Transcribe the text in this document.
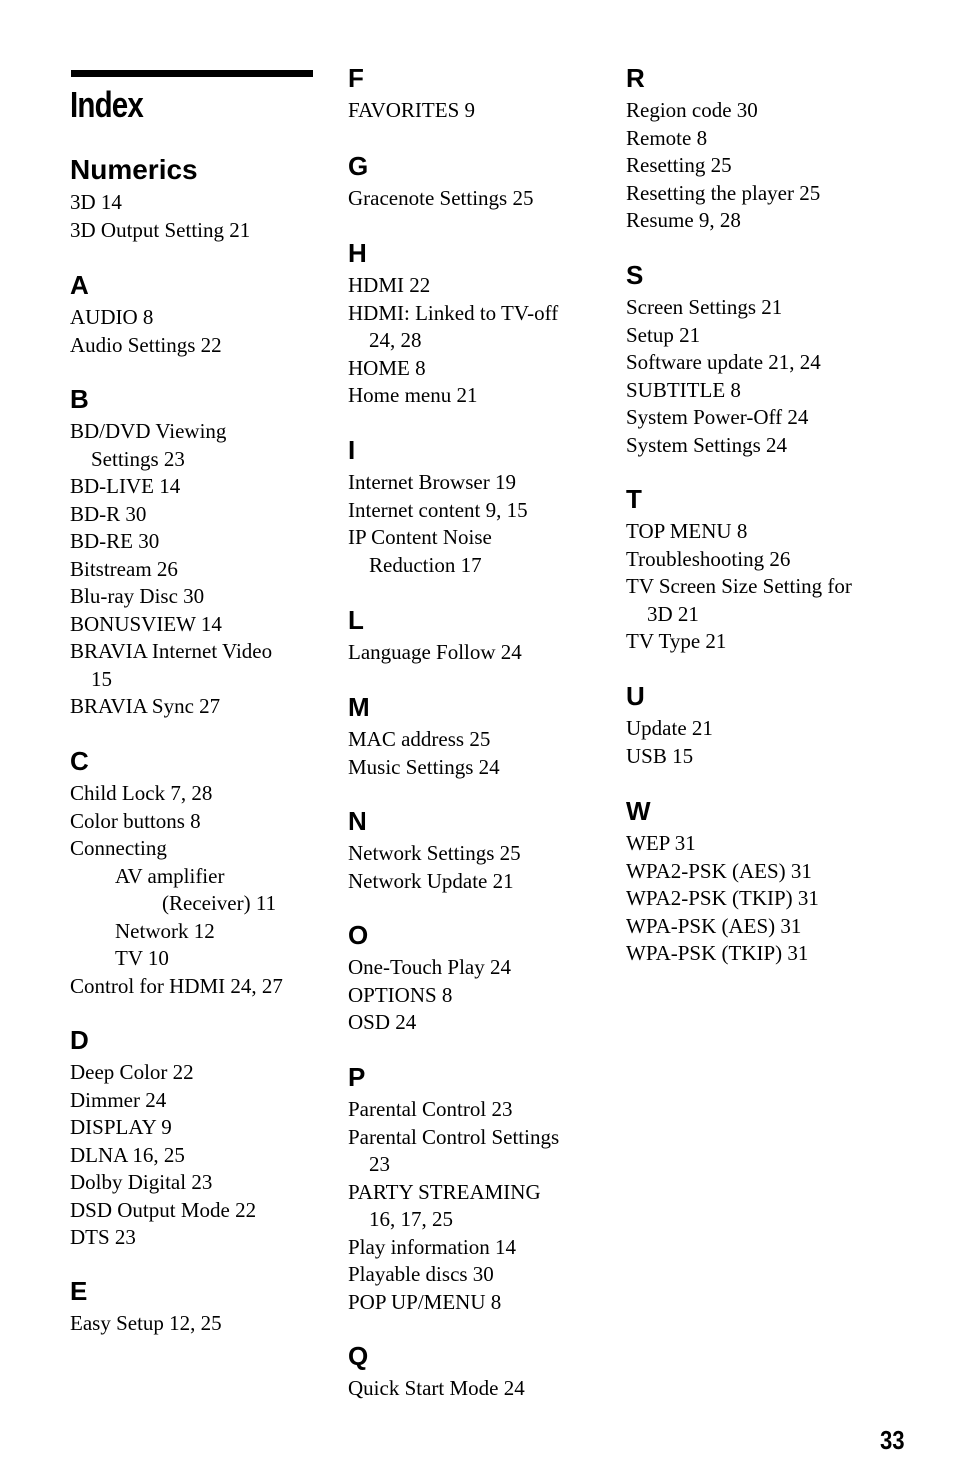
Index
Numerics
3D 14
3D Output Setting 21
A
AUDIO 8
Audio Settings 22
B
BD/DVD Viewing
Settings 23
BD-LIVE 14
BD-R 30
BD-RE 30
Bitstream 26
Blu-ray Disc 30
BONUSVIEW 14
BRAVIA Internet Video
15
BRAVIA Sync 27
C
Child Lock 7, 28
Color buttons 8
Connecting
AV amplifier
(Receiver) 11
Network 12
TV 10
Control for HDMI 24, 27
D
Deep Color 22
Dimmer 24
DISPLAY 9
DLNA 16, 25
Dolby Digital 23
DSD Output Mode 22
DTS 23
E
Easy Setup 12, 25
F
FAVORITES 9
G
Gracenote Settings 25
H
HDMI 22
HDMI: Linked to TV-off
24, 28
HOME 8
Home menu 21
I
Internet Browser 19
Internet content 9, 15
IP Content Noise
Reduction 17
L
Language Follow 24
M
MAC address 25
Music Settings 24
N
Network Settings 25
Network Update 21
O
One-Touch Play 24
OPTIONS 8
OSD 24
P
Parental Control 23
Parental Control Settings
23
PARTY STREAMING
16, 17, 25
Play information 14
Playable discs 30
POP UP/MENU 8
Q
Quick Start Mode 24
R
Region code 30
Remote 8
Resetting 25
Resetting the player 25
Resume 9, 28
S
Screen Settings 21
Setup 21
Software update 21, 24
SUBTITLE 8
System Power-Off 24
System Settings 24
T
TOP MENU 8
Troubleshooting 26
TV Screen Size Setting for
3D 21
TV Type 21
U
Update 21
USB 15
W
WEP 31
WPA2-PSK (AES) 31
WPA2-PSK (TKIP) 31
WPA-PSK (AES) 31
WPA-PSK (TKIP) 31
33
